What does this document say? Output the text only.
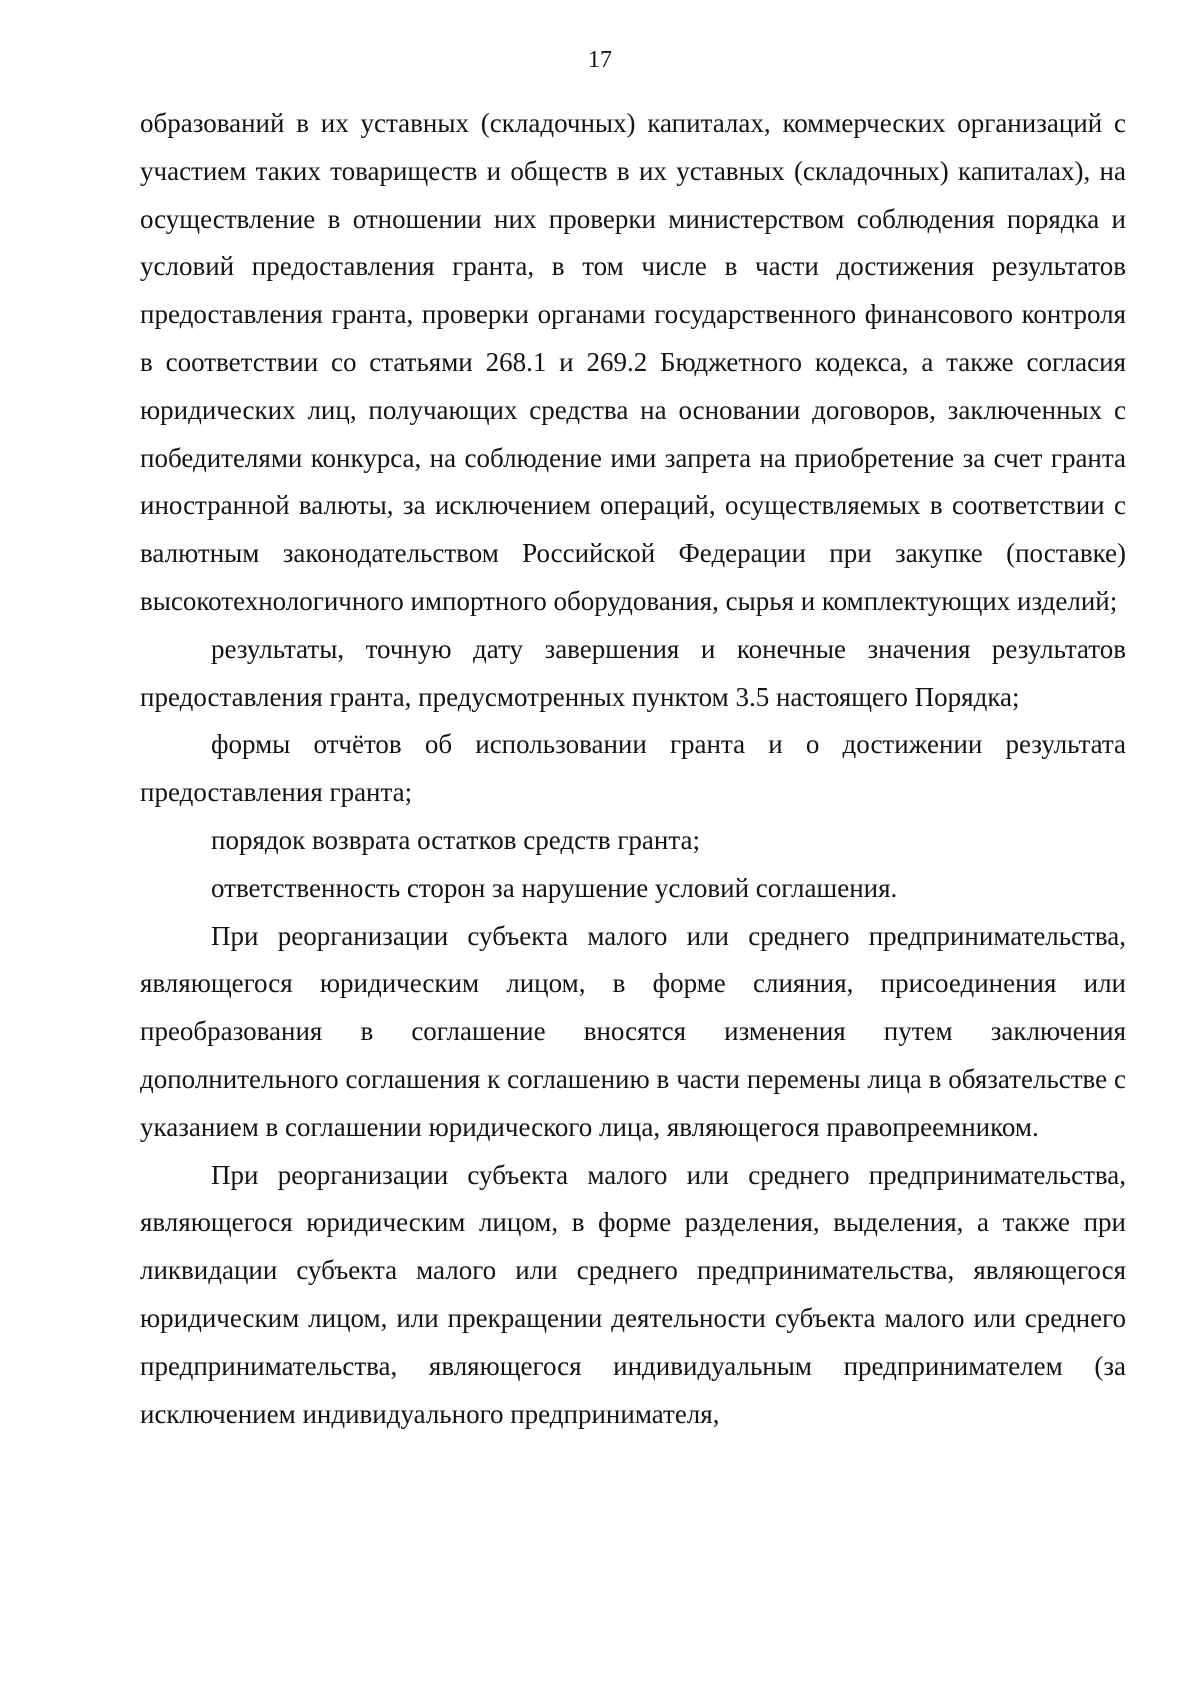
17

образований в их уставных (складочных) капиталах, коммерческих организаций с участием таких товариществ и обществ в их уставных (складочных) капиталах), на осуществление в отношении них проверки министерством соблюдения порядка и условий предоставления гранта, в том числе в части достижения результатов предоставления гранта, проверки органами государственного финансового контроля в соответствии со статьями 268.1 и 269.2 Бюджетного кодекса, а также согласия юридических лиц, получающих средства на основании договоров, заключенных с победителями конкурса, на соблюдение ими запрета на приобретение за счет гранта иностранной валюты, за исключением операций, осуществляемых в соответствии с валютным законодательством Российской Федерации при закупке (поставке) высокотехнологичного импортного оборудования, сырья и комплектующих изделий;

результаты, точную дату завершения и конечные значения результатов предоставления гранта, предусмотренных пунктом 3.5 настоящего Порядка;

формы отчётов об использовании гранта и о достижении результата предоставления гранта;

порядок возврата остатков средств гранта;

ответственность сторон за нарушение условий соглашения.

При реорганизации субъекта малого или среднего предпринимательства, являющегося юридическим лицом, в форме слияния, присоединения или преобразования в соглашение вносятся изменения путем заключения дополнительного соглашения к соглашению в части перемены лица в обязательстве с указанием в соглашении юридического лица, являющегося правопреемником.

При реорганизации субъекта малого или среднего предпринимательства, являющегося юридическим лицом, в форме разделения, выделения, а также при ликвидации субъекта малого или среднего предпринимательства, являющегося юридическим лицом, или прекращении деятельности субъекта малого или среднего предпринимательства, являющегося индивидуальным предпринимателем (за исключением индивидуального предпринимателя,
